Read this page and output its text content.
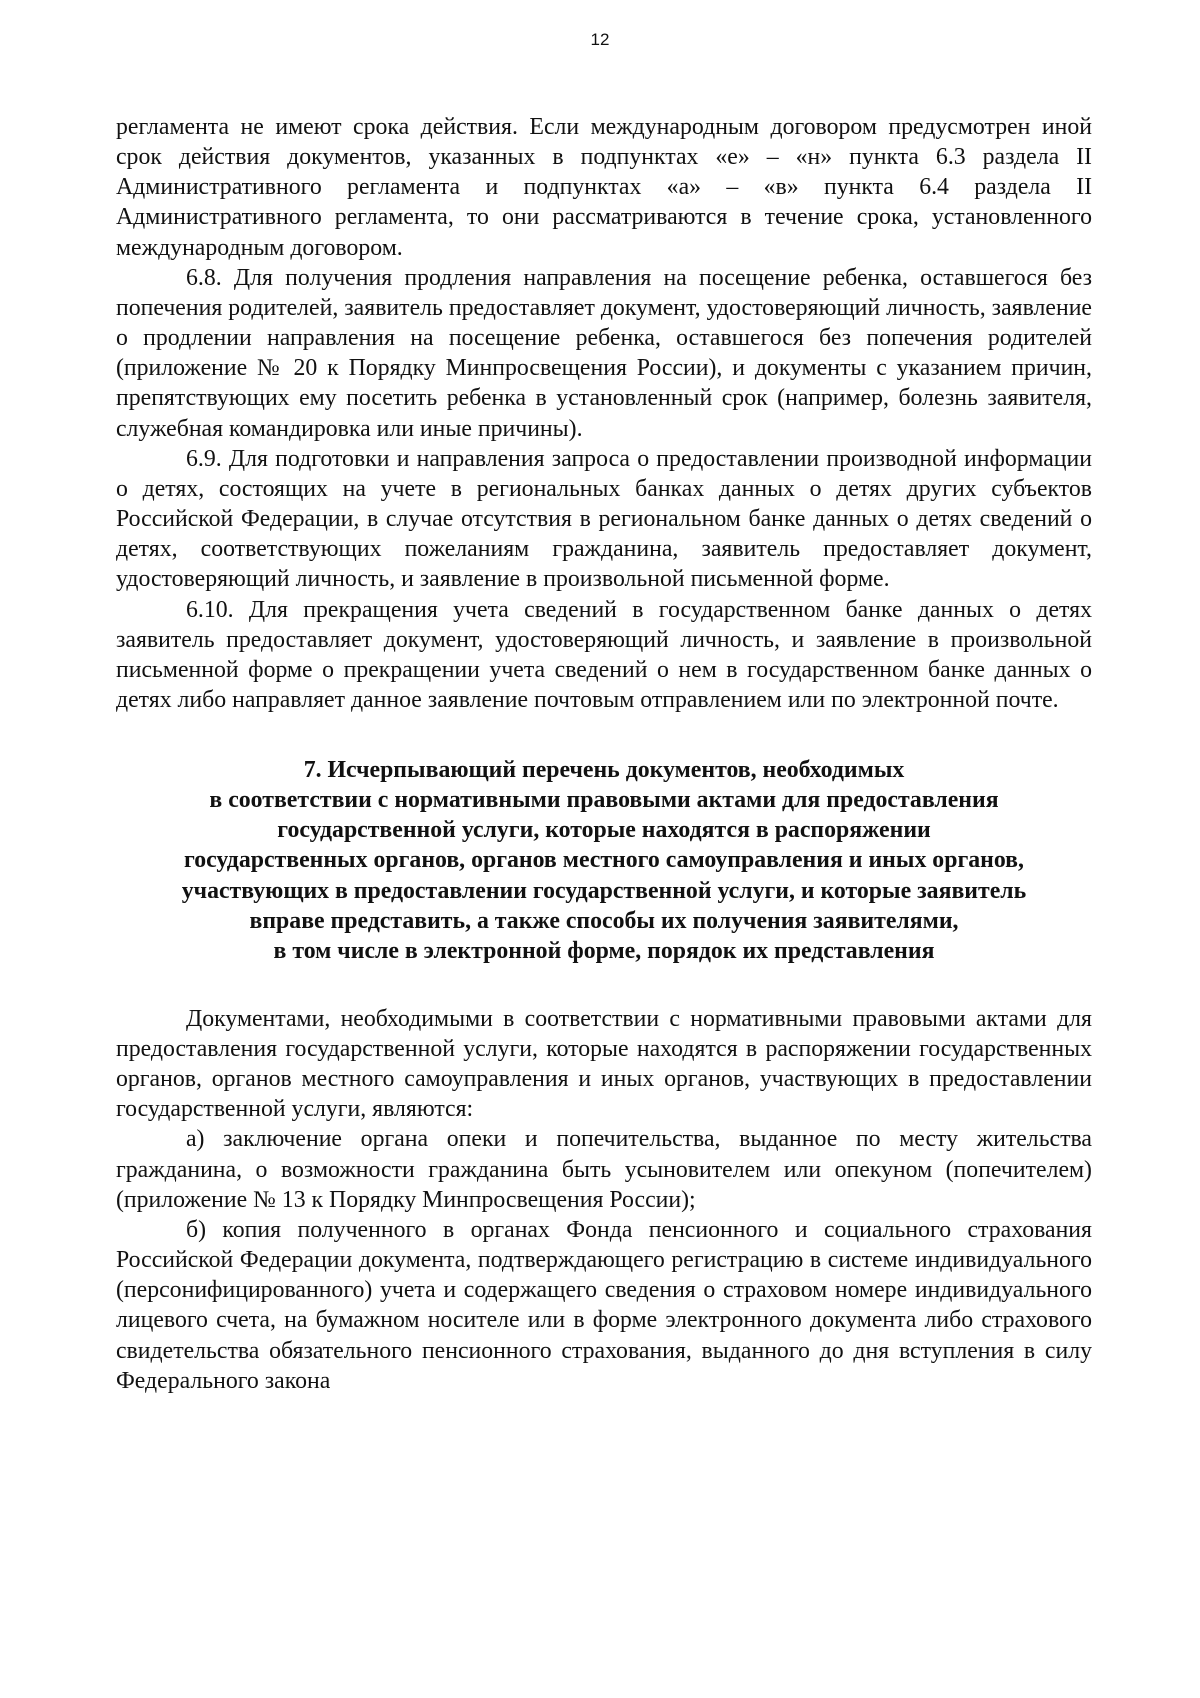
12

регламента не имеют срока действия. Если международным договором предусмотрен иной срок действия документов, указанных в подпунктах «е» – «н» пункта 6.3 раздела II Административного регламента и подпунктах «а» – «в» пункта 6.4 раздела II Административного регламента, то они рассматриваются в течение срока, установленного международным договором.

6.8. Для получения продления направления на посещение ребенка, оставшегося без попечения родителей, заявитель предоставляет документ, удостоверяющий личность, заявление о продлении направления на посещение ребенка, оставшегося без попечения родителей (приложение № 20 к Порядку Минпросвещения России), и документы с указанием причин, препятствующих ему посетить ребенка в установленный срок (например, болезнь заявителя, служебная командировка или иные причины).

6.9. Для подготовки и направления запроса о предоставлении производной информации о детях, состоящих на учете в региональных банках данных о детях других субъектов Российской Федерации, в случае отсутствия в региональном банке данных о детях сведений о детях, соответствующих пожеланиям гражданина, заявитель предоставляет документ, удостоверяющий личность, и заявление в произвольной письменной форме.

6.10. Для прекращения учета сведений в государственном банке данных о детях заявитель предоставляет документ, удостоверяющий личность, и заявление в произвольной письменной форме о прекращении учета сведений о нем в государственном банке данных о детях либо направляет данное заявление почтовым отправлением или по электронной почте.

7. Исчерпывающий перечень документов, необходимых
в соответствии с нормативными правовыми актами для предоставления
государственной услуги, которые находятся в распоряжении
государственных органов, органов местного самоуправления и иных органов,
участвующих в предоставлении государственной услуги, и которые заявитель
вправе представить, а также способы их получения заявителями,
в том числе в электронной форме, порядок их представления

Документами, необходимыми в соответствии с нормативными правовыми актами для предоставления государственной услуги, которые находятся в распоряжении государственных органов, органов местного самоуправления и иных органов, участвующих в предоставлении государственной услуги, являются:

а) заключение органа опеки и попечительства, выданное по месту жительства гражданина, о возможности гражданина быть усыновителем или опекуном (попечителем) (приложение № 13 к Порядку Минпросвещения России);

б) копия полученного в органах Фонда пенсионного и социального страхования Российской Федерации документа, подтверждающего регистрацию в системе индивидуального (персонифицированного) учета и содержащего сведения о страховом номере индивидуального лицевого счета, на бумажном носителе или в форме электронного документа либо страхового свидетельства обязательного пенсионного страхования, выданного до дня вступления в силу Федерального закона
